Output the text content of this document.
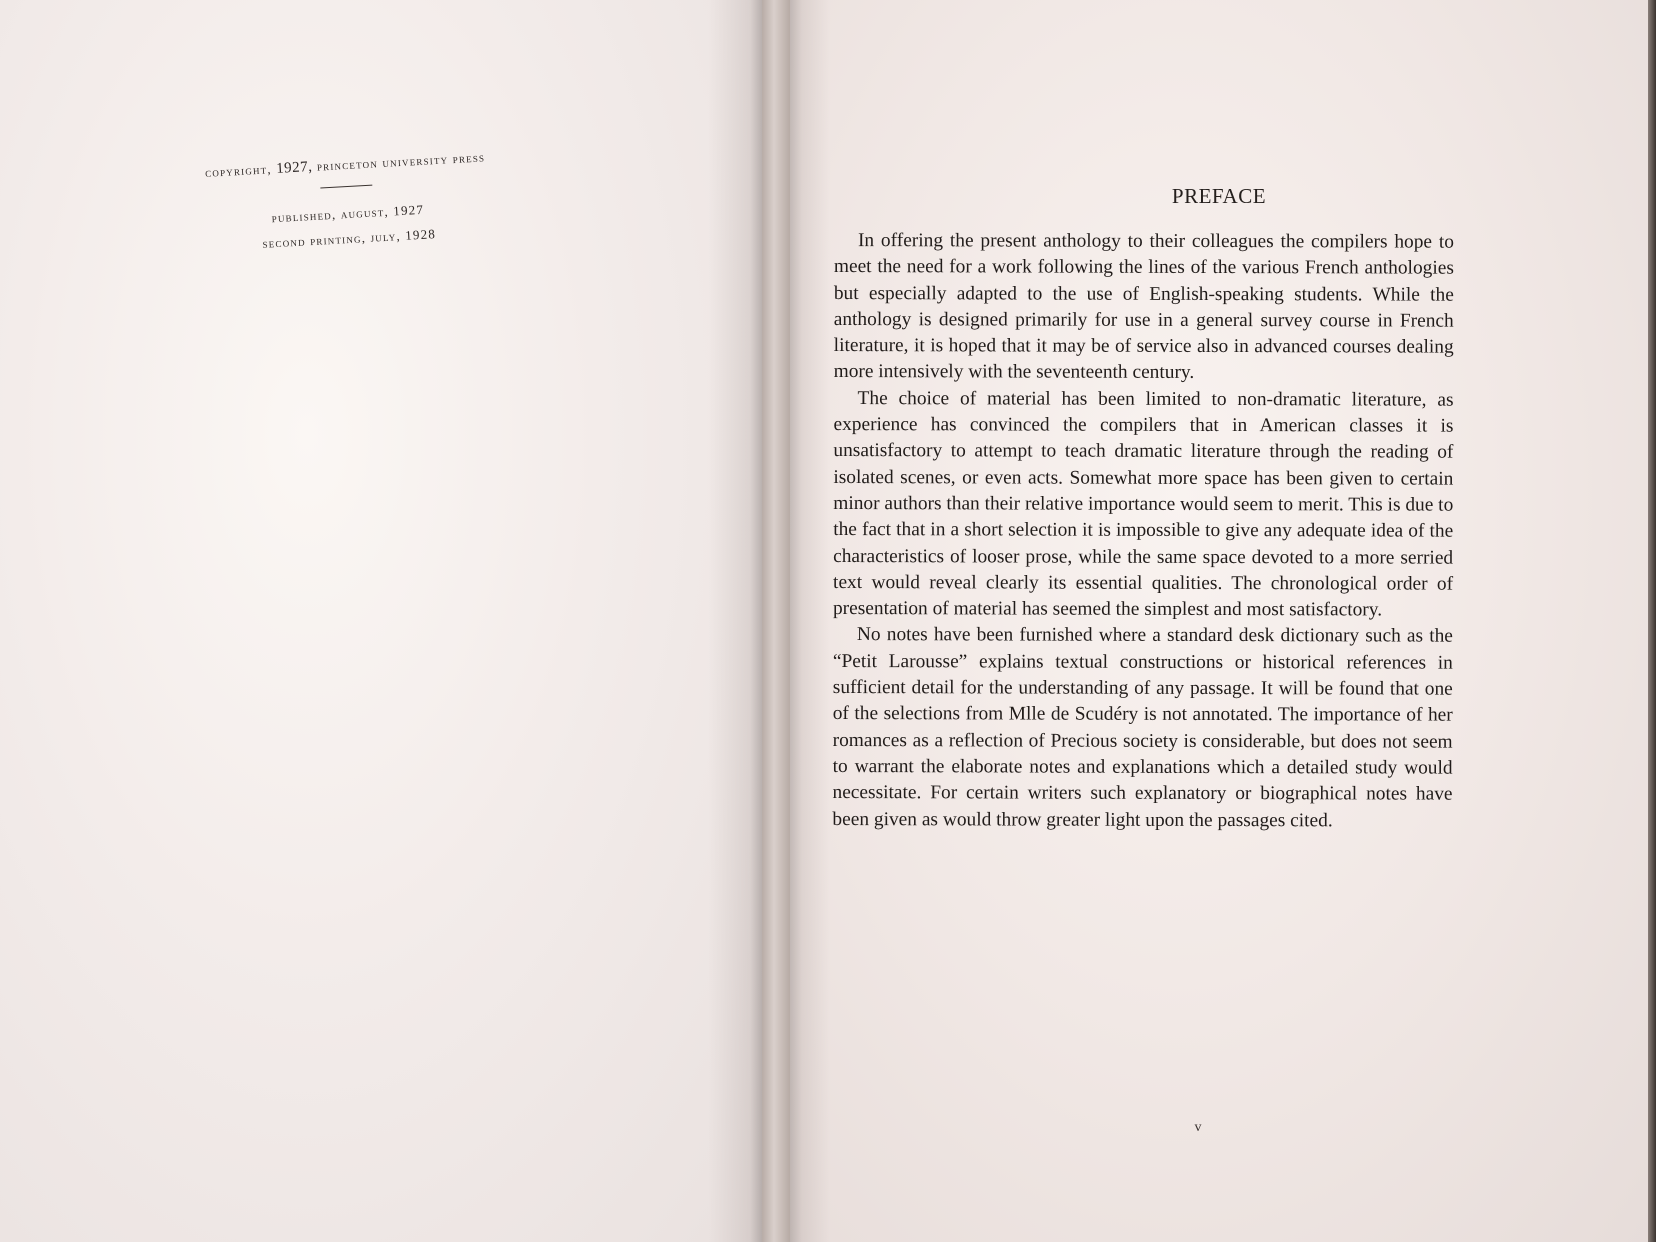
copyright, 1927, princeton university press
published, august, 1927
second printing, july, 1928
PREFACE

In offering the present anthology to their colleagues the compilers hope to meet the need for a work following the lines of the various French anthologies but especially adapted to the use of English-speaking students. While the anthology is designed primarily for use in a general survey course in French literature, it is hoped that it may be of service also in advanced courses dealing more intensively with the seventeenth century.

The choice of material has been limited to non-dramatic literature, as experience has convinced the compilers that in American classes it is unsatisfactory to attempt to teach dramatic literature through the reading of isolated scenes, or even acts. Somewhat more space has been given to certain minor authors than their relative importance would seem to merit. This is due to the fact that in a short selection it is impossible to give any adequate idea of the characteristics of looser prose, while the same space devoted to a more serried text would reveal clearly its essential qualities. The chronological order of presentation of material has seemed the simplest and most satisfactory.

No notes have been furnished where a standard desk dictionary such as the “Petit Larousse” explains textual constructions or historical references in sufficient detail for the understanding of any passage. It will be found that one of the selections from Mlle de Scudéry is not annotated. The importance of her romances as a reflection of Precious society is considerable, but does not seem to warrant the elaborate notes and explanations which a detailed study would necessitate. For certain writers such explanatory or biographical notes have been given as would throw greater light upon the passages cited.

v
